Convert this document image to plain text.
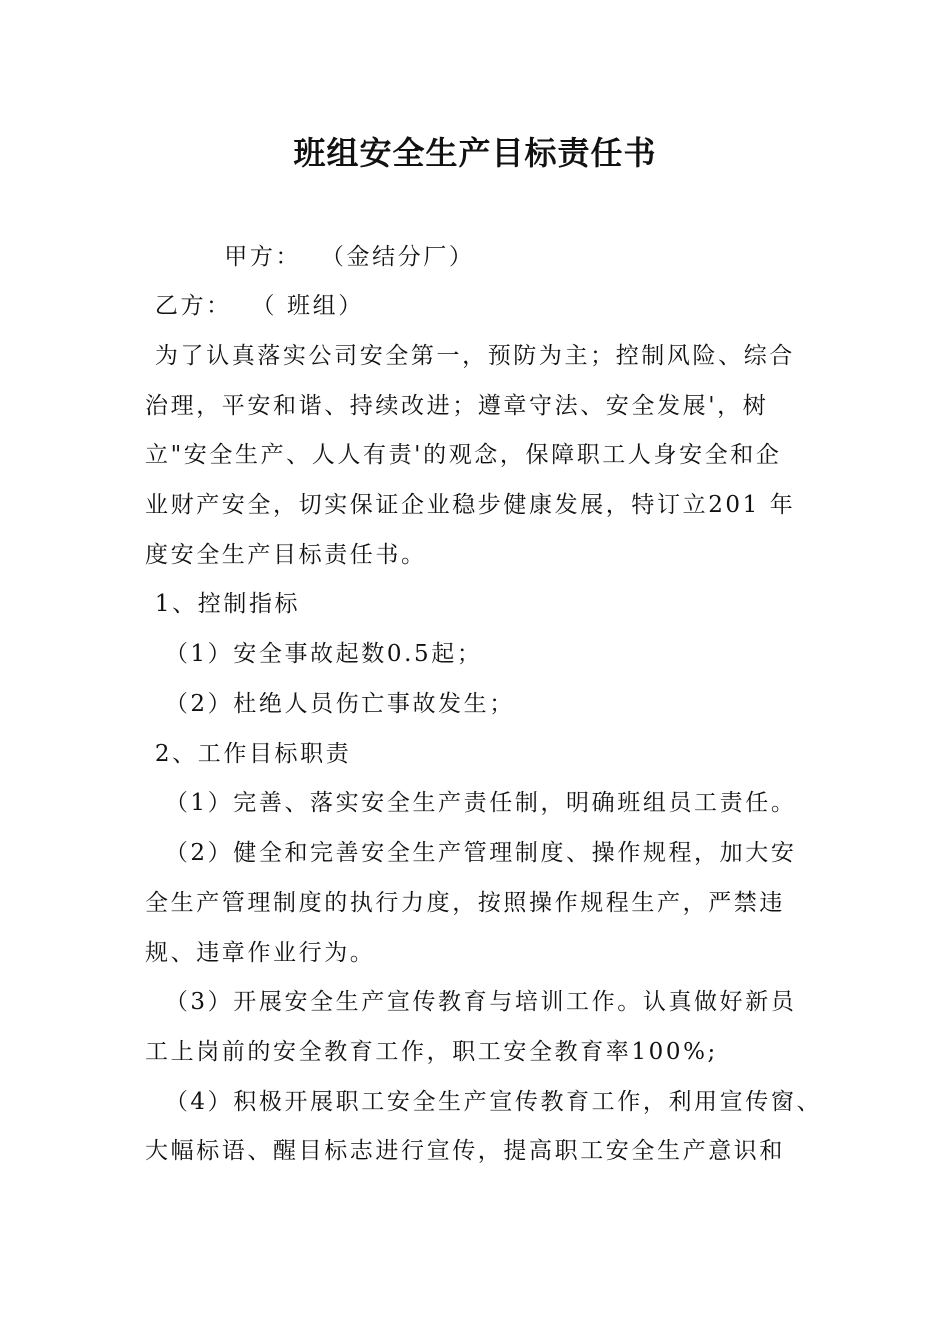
班组安全生产目标责任书
甲方：  （金结分厂）
乙方：  （ 班组）
为了认真落实公司安全第一，预防为主；控制风险、综合
治理，平安和谐、持续改进；遵章守法、安全发展'，树
立"安全生产、人人有责'的观念，保障职工人身安全和企
业财产安全，切实保证企业稳步健康发展，特订立201 年
度安全生产目标责任书。
1、控制指标
（1）安全事故起数0.5起；
（2）杜绝人员伤亡事故发生；
2、工作目标职责
（1）完善、落实安全生产责任制，明确班组员工责任。
（2）健全和完善安全生产管理制度、操作规程，加大安
全生产管理制度的执行力度，按照操作规程生产，严禁违
规、违章作业行为。
（3）开展安全生产宣传教育与培训工作。认真做好新员
工上岗前的安全教育工作，职工安全教育率100%;
（4）积极开展职工安全生产宣传教育工作，利用宣传窗、
大幅标语、醒目标志进行宣传，提高职工安全生产意识和
